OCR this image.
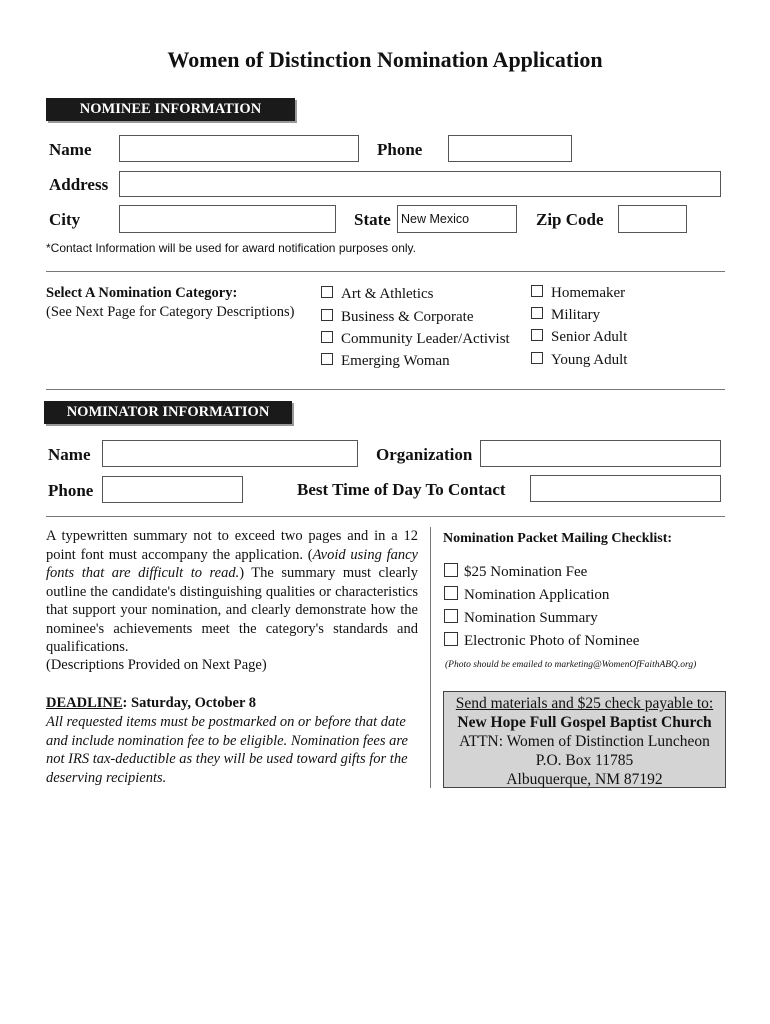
Women of Distinction Nomination Application
NOMINEE INFORMATION
Name	Phone
Address
City	State New Mexico	Zip Code
*Contact Information will be used for award notification purposes only.
Select A Nomination Category:
(See Next Page for Category Descriptions)
Art & Athletics
Business & Corporate
Community Leader/Activist
Emerging Woman
Homemaker
Military
Senior Adult
Young Adult
NOMINATOR INFORMATION
Name	Organization
Phone	Best Time of Day To Contact
A typewritten summary not to exceed two pages and in a 12 point font must accompany the application. (Avoid using fancy fonts that are difficult to read.) The summary must clearly outline the candidate's distinguishing qualities or characteristics that support your nomination, and clearly demonstrate how the nominee's achievements meet the category's standards and qualifications.
(Descriptions Provided on Next Page)
DEADLINE: Saturday, October 8
All requested items must be postmarked on or before that date and include nomination fee to be eligible. Nomination fees are not IRS tax-deductible as they will be used toward gifts for the deserving recipients.
Nomination Packet Mailing Checklist:
$25 Nomination Fee
Nomination Application
Nomination Summary
Electronic Photo of Nominee
(Photo should be emailed to marketing@WomenOfFaithABQ.org)
Send materials and $25 check payable to:
New Hope Full Gospel Baptist Church
ATTN: Women of Distinction Luncheon
P.O. Box 11785
Albuquerque, NM 87192
